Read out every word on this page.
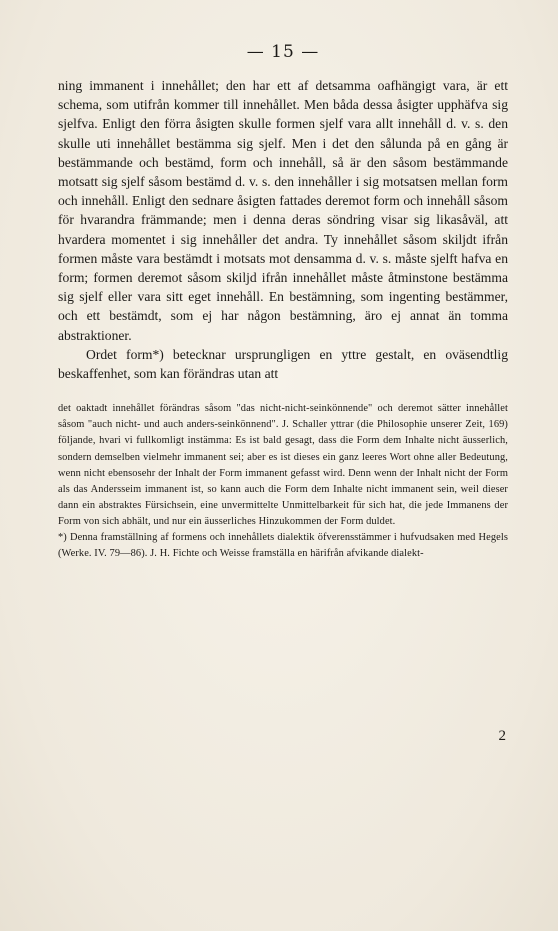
— 15 —

ning immanent i innehållet; den har ett af detsamma oafhängigt vara, är ett schema, som utifrån kommer till innehållet. Men båda dessa åsigter upphäfva sig sjelfva. Enligt den förra åsigten skulle formen sjelf vara allt innehåll d. v. s. den skulle uti innehållet bestämma sig sjelf. Men i det den sålunda på en gång är bestämmande och bestämd, form och innehåll, så är den såsom bestämmande motsatt sig sjelf såsom bestämd d. v. s. den innehåller i sig motsatsen mellan form och innehåll. Enligt den sednare åsigten fattades deremot form och innehåll såsom för hvarandra främmande; men i denna deras söndring visar sig likasåväl, att hvardera momentet i sig innehåller det andra. Ty innehållet såsom skiljdt ifrån formen måste vara bestämdt i motsats mot densamma d. v. s. måste sjelft hafva en form; formen deremot såsom skiljd ifrån innehållet måste åtminstone bestämma sig sjelf eller vara sitt eget innehåll. En bestämning, som ingenting bestämmer, och ett bestämdt, som ej har någon bestämning, äro ej annat än tomma abstraktioner.

Ordet form*) betecknar ursprungligen en yttre gestalt, en oväsendtlig beskaffenhet, som kan förändras utan att

det oaktadt innehållet förändras såsom "das nicht-nicht-seinkönnende" och deremot sätter innehållet såsom "auch nicht- und auch anders-seinkönnend". J. Schaller yttrar (die Philosophie unserer Zeit, 169) följande, hvari vi fullkomligt instämma: Es ist bald gesagt, dass die Form dem Inhalte nicht äusserlich, sondern demselben vielmehr immanent sei; aber es ist dieses ein ganz leeres Wort ohne aller Bedeutung, wenn nicht ebensosehr der Inhalt der Form immanent gefasst wird. Denn wenn der Inhalt nicht der Form als das Andersseim immanent ist, so kann auch die Form dem Inhalte nicht immanent sein, weil dieser dann ein abstraktes Fürsichsein, eine unvermittelte Unmittelbarkeit für sich hat, die jede Immanens der Form von sich abhält, und nur ein äusserliches Hinzukommen der Form duldet.

*) Denna framställning af formens och innehållets dialektik öfverensstämmer i hufvudsaken med Hegels (Werke. IV. 79—86). J. H. Fichte och Weisse framställa en härifrån afvikande dialekt-

2
